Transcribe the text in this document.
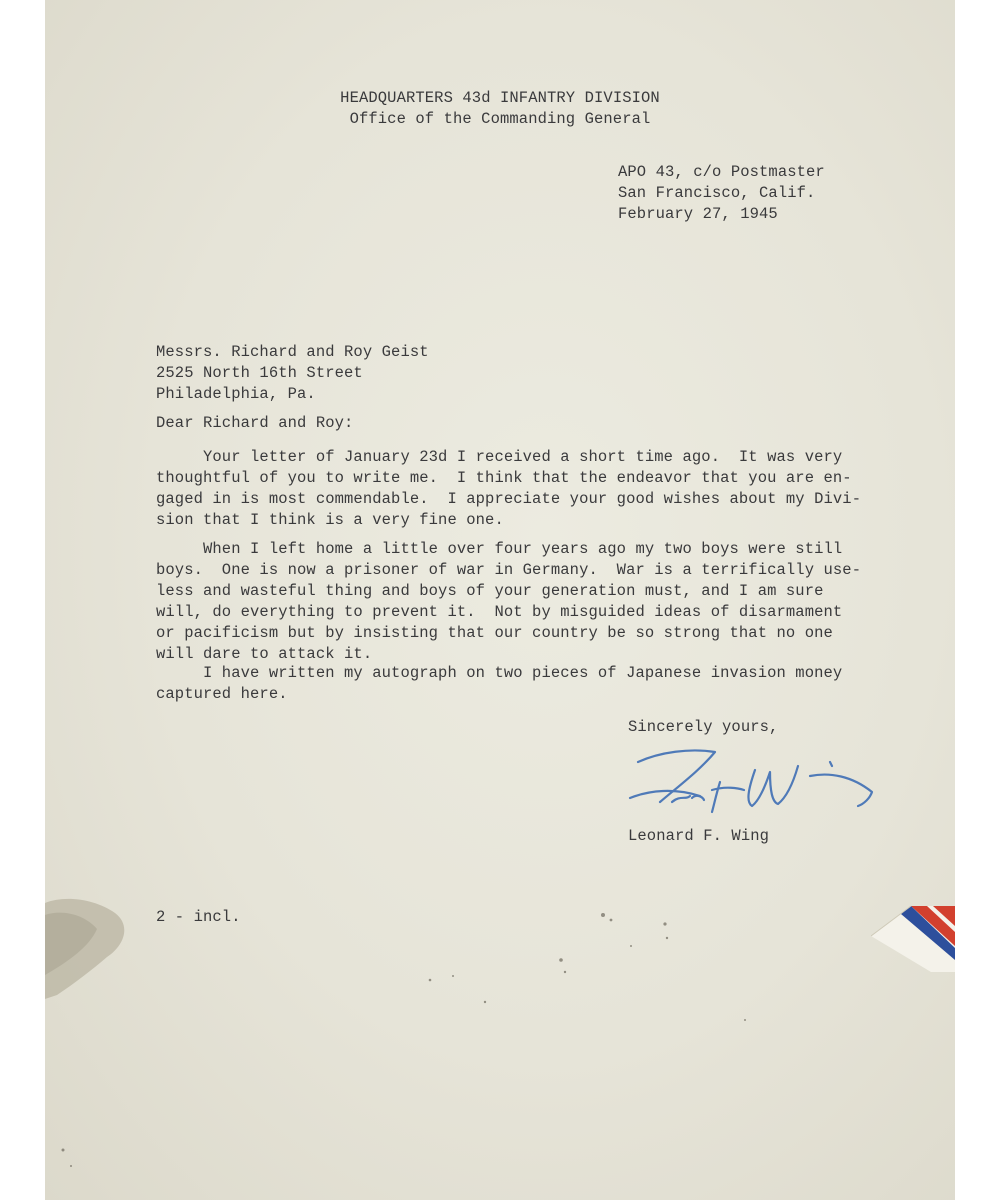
HEADQUARTERS 43d INFANTRY DIVISION
Office of the Commanding General
APO 43, c/o Postmaster
San Francisco, Calif.
February 27, 1945
Messrs. Richard and Roy Geist
2525 North 16th Street
Philadelphia, Pa.
Dear Richard and Roy:
Your letter of January 23d I received a short time ago.  It was very
thoughtful of you to write me.  I think that the endeavor that you are en-
gaged in is most commendable.  I appreciate your good wishes about my Divi-
sion that I think is a very fine one.
When I left home a little over four years ago my two boys were still
boys.  One is now a prisoner of war in Germany.  War is a terrifically use-
less and wasteful thing and boys of your generation must, and I am sure
will, do everything to prevent it.  Not by misguided ideas of disarmament
or pacificism but by insisting that our country be so strong that no one
will dare to attack it.
I have written my autograph on two pieces of Japanese invasion money
captured here.
Sincerely yours,
Leonard F. Wing
2 - incl.
